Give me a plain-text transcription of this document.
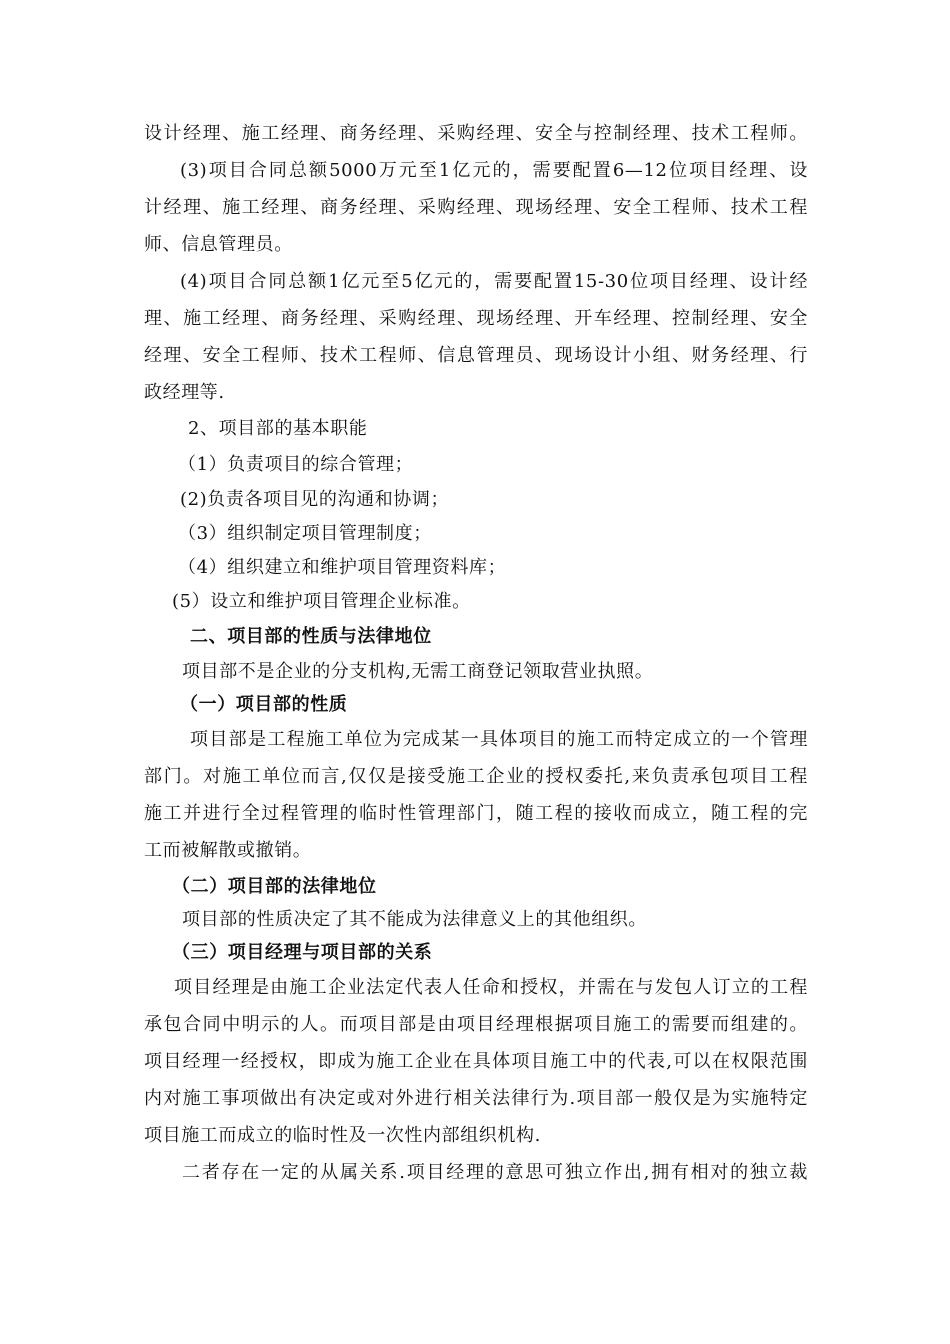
设计经理、施工经理、商务经理、采购经理、安全与控制经理、技术工程师。
(3)项目合同总额5000万元至1亿元的，需要配置6—12位项目经理、设
计经理、施工经理、商务经理、采购经理、现场经理、安全工程师、技术工程
师、信息管理员。
(4)项目合同总额1亿元至5亿元的，需要配置15-30位项目经理、设计经
理、施工经理、商务经理、采购经理、现场经理、开车经理、控制经理、安全
经理、安全工程师、技术工程师、信息管理员、现场设计小组、财务经理、行
政经理等.
2、项目部的基本职能
（1）负责项目的综合管理；
(2)负责各项目见的沟通和协调；
（3）组织制定项目管理制度；
（4）组织建立和维护项目管理资料库；
(5）设立和维护项目管理企业标准。
二、项目部的性质与法律地位
项目部不是企业的分支机构,无需工商登记领取营业执照。
（一）项目部的性质
项目部是工程施工单位为完成某一具体项目的施工而特定成立的一个管理
部门。对施工单位而言,仅仅是接受施工企业的授权委托,来负责承包项目工程
施工并进行全过程管理的临时性管理部门，随工程的接收而成立，随工程的完
工而被解散或撤销。
（二）项目部的法律地位
项目部的性质决定了其不能成为法律意义上的其他组织。
（三）项目经理与项目部的关系
项目经理是由施工企业法定代表人任命和授权，并需在与发包人订立的工程
承包合同中明示的人。而项目部是由项目经理根据项目施工的需要而组建的。
项目经理一经授权，即成为施工企业在具体项目施工中的代表,可以在权限范围
内对施工事项做出有决定或对外进行相关法律行为.项目部一般仅是为实施特定
项目施工而成立的临时性及一次性内部组织机构.
二者存在一定的从属关系.项目经理的意思可独立作出,拥有相对的独立裁
